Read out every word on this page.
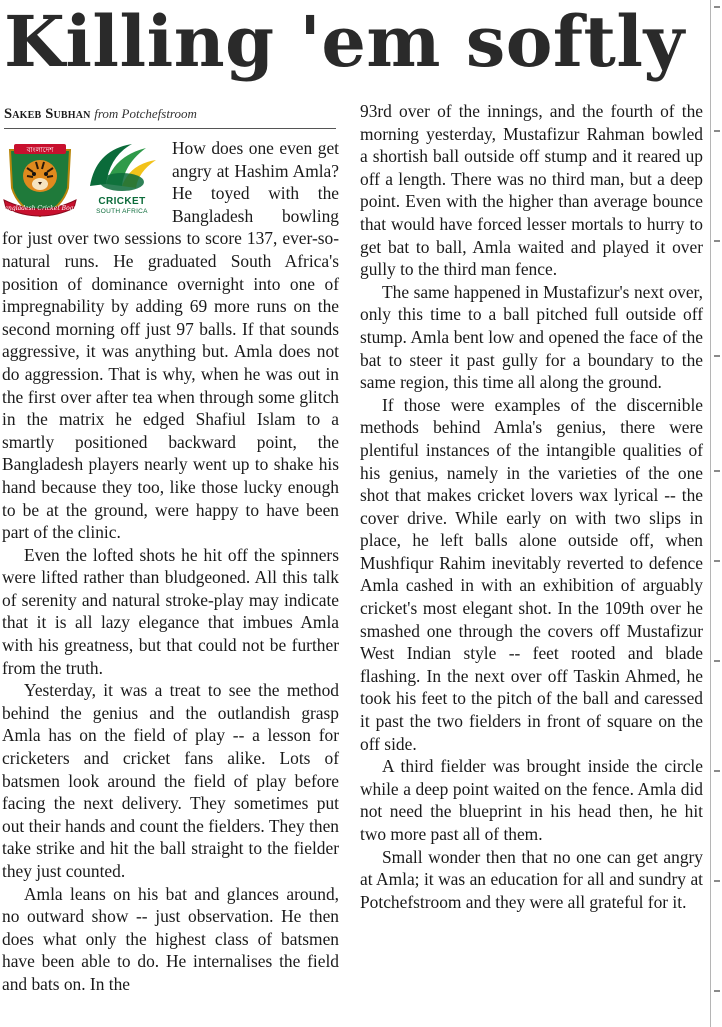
Killing 'em softly
Sakeb Subhan from Potchefstroom
বাংলাদেশ
Bangladesh Cricket Board
CRICKET
SOUTH AFRICA

How does one even get angry at Hashim Amla? He toyed with the Bangladesh bowling for just over two sessions to score 137, ever-so-natural runs. He graduated South Africa's position of dominance overnight into one of impregnability by adding 69 more runs on the second morning off just 97 balls. If that sounds aggressive, it was anything but. Amla does not do aggression. That is why, when he was out in the first over after tea when through some glitch in the matrix he edged Shafiul Islam to a smartly positioned backward point, the Bangladesh players nearly went up to shake his hand because they too, like those lucky enough to be at the ground, were happy to have been part of the clinic.

Even the lofted shots he hit off the spinners were lifted rather than bludgeoned. All this talk of serenity and natural stroke-play may indicate that it is all lazy elegance that imbues Amla with his greatness, but that could not be further from the truth.

Yesterday, it was a treat to see the method behind the genius and the outlandish grasp Amla has on the field of play -- a lesson for cricketers and cricket fans alike. Lots of batsmen look around the field of play before facing the next delivery. They sometimes put out their hands and count the fielders. They then take strike and hit the ball straight to the fielder they just counted.

Amla leans on his bat and glances around, no outward show -- just observation. He then does what only the highest class of batsmen have been able to do. He internalises the field and bats on. In the

93rd over of the innings, and the fourth of the morning yesterday, Mustafizur Rahman bowled a shortish ball outside off stump and it reared up off a length. There was no third man, but a deep point. Even with the higher than average bounce that would have forced lesser mortals to hurry to get bat to ball, Amla waited and played it over gully to the third man fence.

The same happened in Mustafizur's next over, only this time to a ball pitched full outside off stump. Amla bent low and opened the face of the bat to steer it past gully for a boundary to the same region, this time all along the ground.

If those were examples of the discernible methods behind Amla's genius, there were plentiful instances of the intangible qualities of his genius, namely in the varieties of the one shot that makes cricket lovers wax lyrical -- the cover drive. While early on with two slips in place, he left balls alone outside off, when Mushfiqur Rahim inevitably reverted to defence Amla cashed in with an exhibition of arguably cricket's most elegant shot. In the 109th over he smashed one through the covers off Mustafizur West Indian style -- feet rooted and blade flashing. In the next over off Taskin Ahmed, he took his feet to the pitch of the ball and caressed it past the two fielders in front of square on the off side.

A third fielder was brought inside the circle while a deep point waited on the fence. Amla did not need the blueprint in his head then, he hit two more past all of them.

Small wonder then that no one can get angry at Amla; it was an education for all and sundry at Potchefstroom and they were all grateful for it.
